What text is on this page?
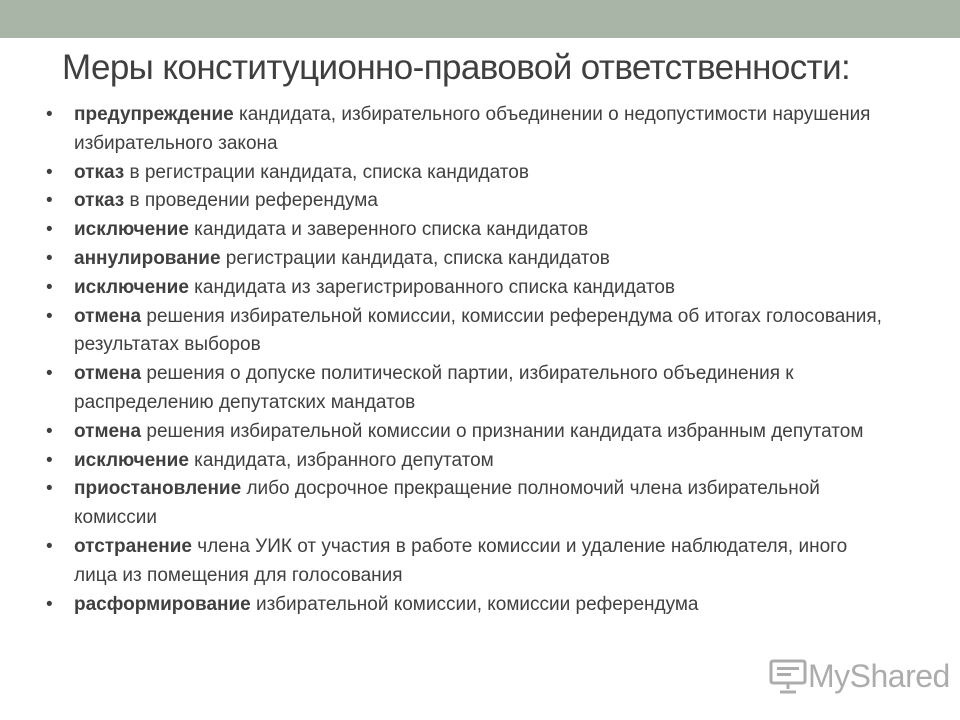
Меры конституционно-правовой ответственности:
• предупреждение кандидата, избирательного объединении о недопустимости нарушения избирательного закона
• отказ в регистрации кандидата, списка кандидатов
• отказ в проведении референдума
• исключение кандидата и заверенного списка кандидатов
• аннулирование регистрации кандидата, списка кандидатов
• исключение кандидата из зарегистрированного списка кандидатов
• отмена решения избирательной комиссии, комиссии референдума об итогах голосования, результатах выборов
• отмена решения о допуске политической партии, избирательного объединения к распределению депутатских мандатов
• отмена решения избирательной комиссии о признании кандидата избранным депутатом
• исключение кандидата, избранного депутатом
• приостановление либо досрочное прекращение полномочий члена избирательной комиссии
• отстранение члена УИК от участия в работе комиссии и удаление наблюдателя, иного лица из помещения для голосования
• расформирование избирательной комиссии, комиссии референдума
MyShared
